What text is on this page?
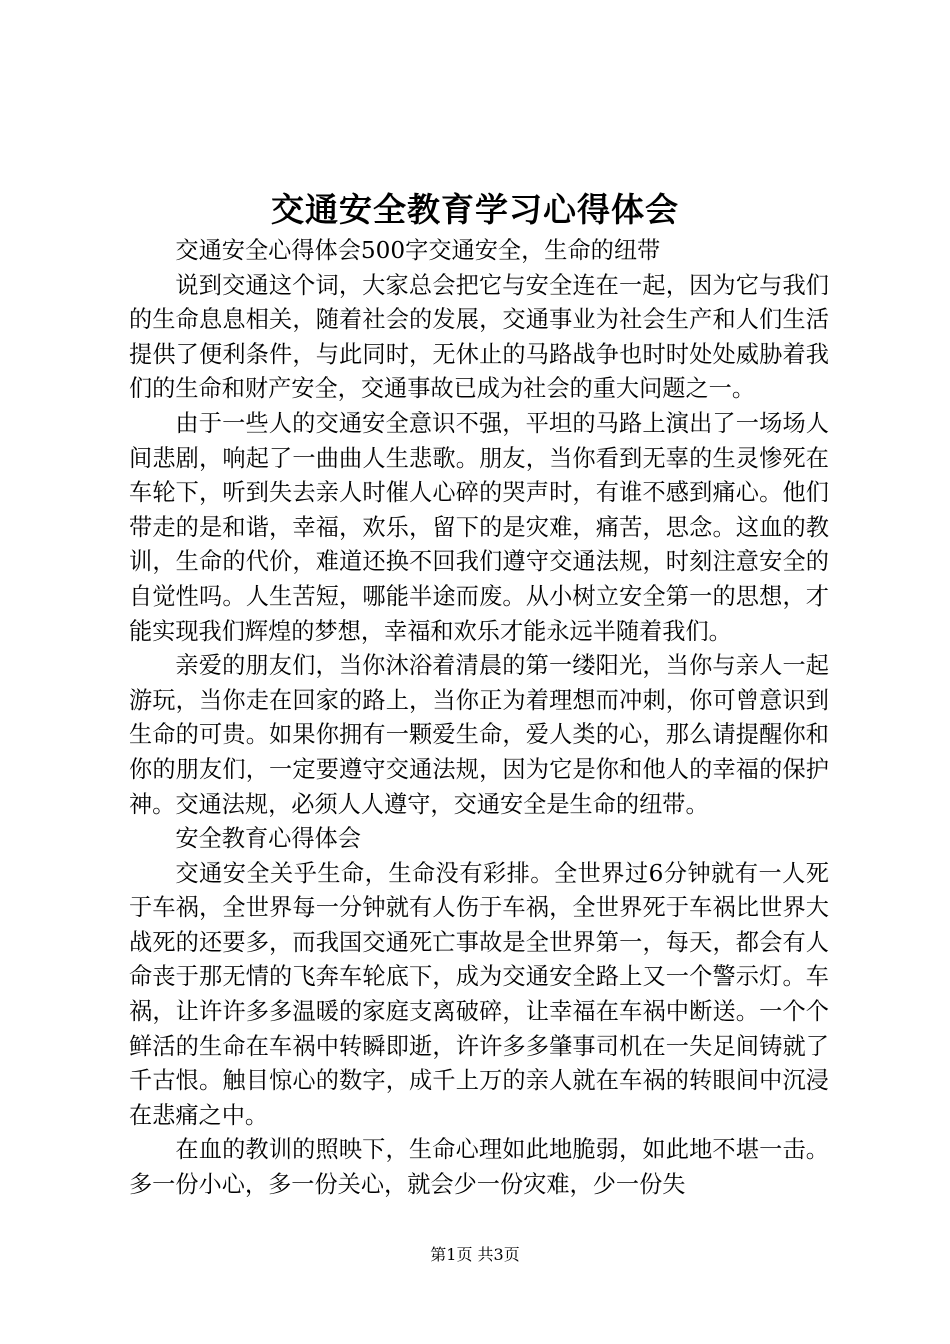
交通安全教育学习心得体会

交通安全心得体会500字交通安全，生命的纽带

说到交通这个词，大家总会把它与安全连在一起，因为它与我们的生命息息相关，随着社会的发展，交通事业为社会生产和人们生活提供了便利条件，与此同时，无休止的马路战争也时时处处威胁着我们的生命和财产安全，交通事故已成为社会的重大问题之一。

由于一些人的交通安全意识不强，平坦的马路上演出了一场场人间悲剧，响起了一曲曲人生悲歌。朋友，当你看到无辜的生灵惨死在车轮下，听到失去亲人时催人心碎的哭声时，有谁不感到痛心。他们带走的是和谐，幸福，欢乐，留下的是灾难，痛苦，思念。这血的教训，生命的代价，难道还换不回我们遵守交通法规，时刻注意安全的自觉性吗。人生苦短，哪能半途而废。从小树立安全第一的思想，才能实现我们辉煌的梦想，幸福和欢乐才能永远半随着我们。

亲爱的朋友们，当你沐浴着清晨的第一缕阳光，当你与亲人一起游玩，当你走在回家的路上，当你正为着理想而冲刺，你可曾意识到生命的可贵。如果你拥有一颗爱生命，爱人类的心，那么请提醒你和你的朋友们，一定要遵守交通法规，因为它是你和他人的幸福的保护神。交通法规，必须人人遵守，交通安全是生命的纽带。

安全教育心得体会

交通安全关乎生命，生命没有彩排。全世界过6分钟就有一人死于车祸，全世界每一分钟就有人伤于车祸，全世界死于车祸比世界大战死的还要多，而我国交通死亡事故是全世界第一，每天，都会有人命丧于那无情的飞奔车轮底下，成为交通安全路上又一个警示灯。车祸，让许许多多温暖的家庭支离破碎，让幸福在车祸中断送。一个个鲜活的生命在车祸中转瞬即逝，许许多多肇事司机在一失足间铸就了千古恨。触目惊心的数字，成千上万的亲人就在车祸的转眼间中沉浸在悲痛之中。

在血的教训的照映下，生命心理如此地脆弱，如此地不堪一击。多一份小心，多一份关心，就会少一份灾难，少一份失

第1页 共3页
